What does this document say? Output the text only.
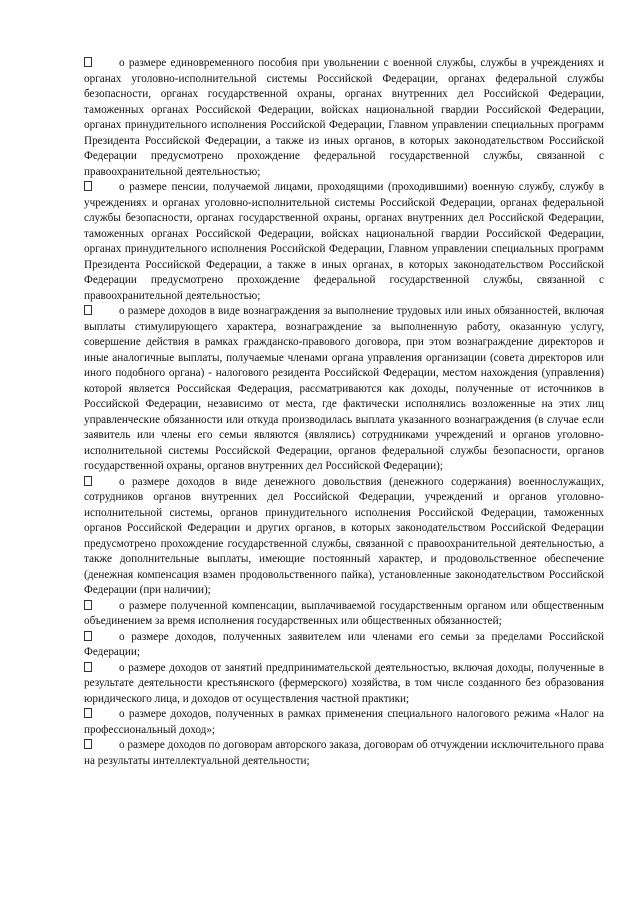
о размере единовременного пособия при увольнении с военной службы, службы в учреждениях и органах уголовно-исполнительной системы Российской Федерации, органах федеральной службы безопасности, органах государственной охраны, органах внутренних дел Российской Федерации, таможенных органах Российской Федерации, войсках национальной гвардии Российской Федерации, органах принудительного исполнения Российской Федерации, Главном управлении специальных программ Президента Российской Федерации, а также из иных органов, в которых законодательством Российской Федерации предусмотрено прохождение федеральной государственной службы, связанной с правоохранительной деятельностью;

о размере пенсии, получаемой лицами, проходящими (проходившими) военную службу, службу в учреждениях и органах уголовно-исполнительной системы Российской Федерации, органах федеральной службы безопасности, органах государственной охраны, органах внутренних дел Российской Федерации, таможенных органах Российской Федерации, войсках национальной гвардии Российской Федерации, органах принудительного исполнения Российской Федерации, Главном управлении специальных программ Президента Российской Федерации, а также в иных органах, в которых законодательством Российской Федерации предусмотрено прохождение федеральной государственной службы, связанной с правоохранительной деятельностью;

о размере доходов в виде вознаграждения за выполнение трудовых или иных обязанностей, включая выплаты стимулирующего характера, вознаграждение за выполненную работу, оказанную услугу, совершение действия в рамках гражданско-правового договора, при этом вознаграждение директоров и иные аналогичные выплаты, получаемые членами органа управления организации (совета директоров или иного подобного органа) - налогового резидента Российской Федерации, местом нахождения (управления) которой является Российская Федерация, рассматриваются как доходы, полученные от источников в Российской Федерации, независимо от места, где фактически исполнялись возложенные на этих лиц управленческие обязанности или откуда производилась выплата указанного вознаграждения (в случае если заявитель или члены его семьи являются (являлись) сотрудниками учреждений и органов уголовно-исполнительной системы Российской Федерации, органов федеральной службы безопасности, органов государственной охраны, органов внутренних дел Российской Федерации);

о размере доходов в виде денежного довольствия (денежного содержания) военнослужащих, сотрудников органов внутренних дел Российской Федерации, учреждений и органов уголовно-исполнительной системы, органов принудительного исполнения Российской Федерации, таможенных органов Российской Федерации и других органов, в которых законодательством Российской Федерации предусмотрено прохождение государственной службы, связанной с правоохранительной деятельностью, а также дополнительные выплаты, имеющие постоянный характер, и продовольственное обеспечение (денежная компенсация взамен продовольственного пайка), установленные законодательством Российской Федерации (при наличии);

о размере полученной компенсации, выплачиваемой государственным органом или общественным объединением за время исполнения государственных или общественных обязанностей;

о размере доходов, полученных заявителем или членами его семьи за пределами Российской Федерации;

о размере доходов от занятий предпринимательской деятельностью, включая доходы, полученные в результате деятельности крестьянского (фермерского) хозяйства, в том числе созданного без образования юридического лица, и доходов от осуществления частной практики;

о размере доходов, полученных в рамках применения специального налогового режима «Налог на профессиональный доход»;

о размере доходов по договорам авторского заказа, договорам об отчуждении исключительного права на результаты интеллектуальной деятельности;
